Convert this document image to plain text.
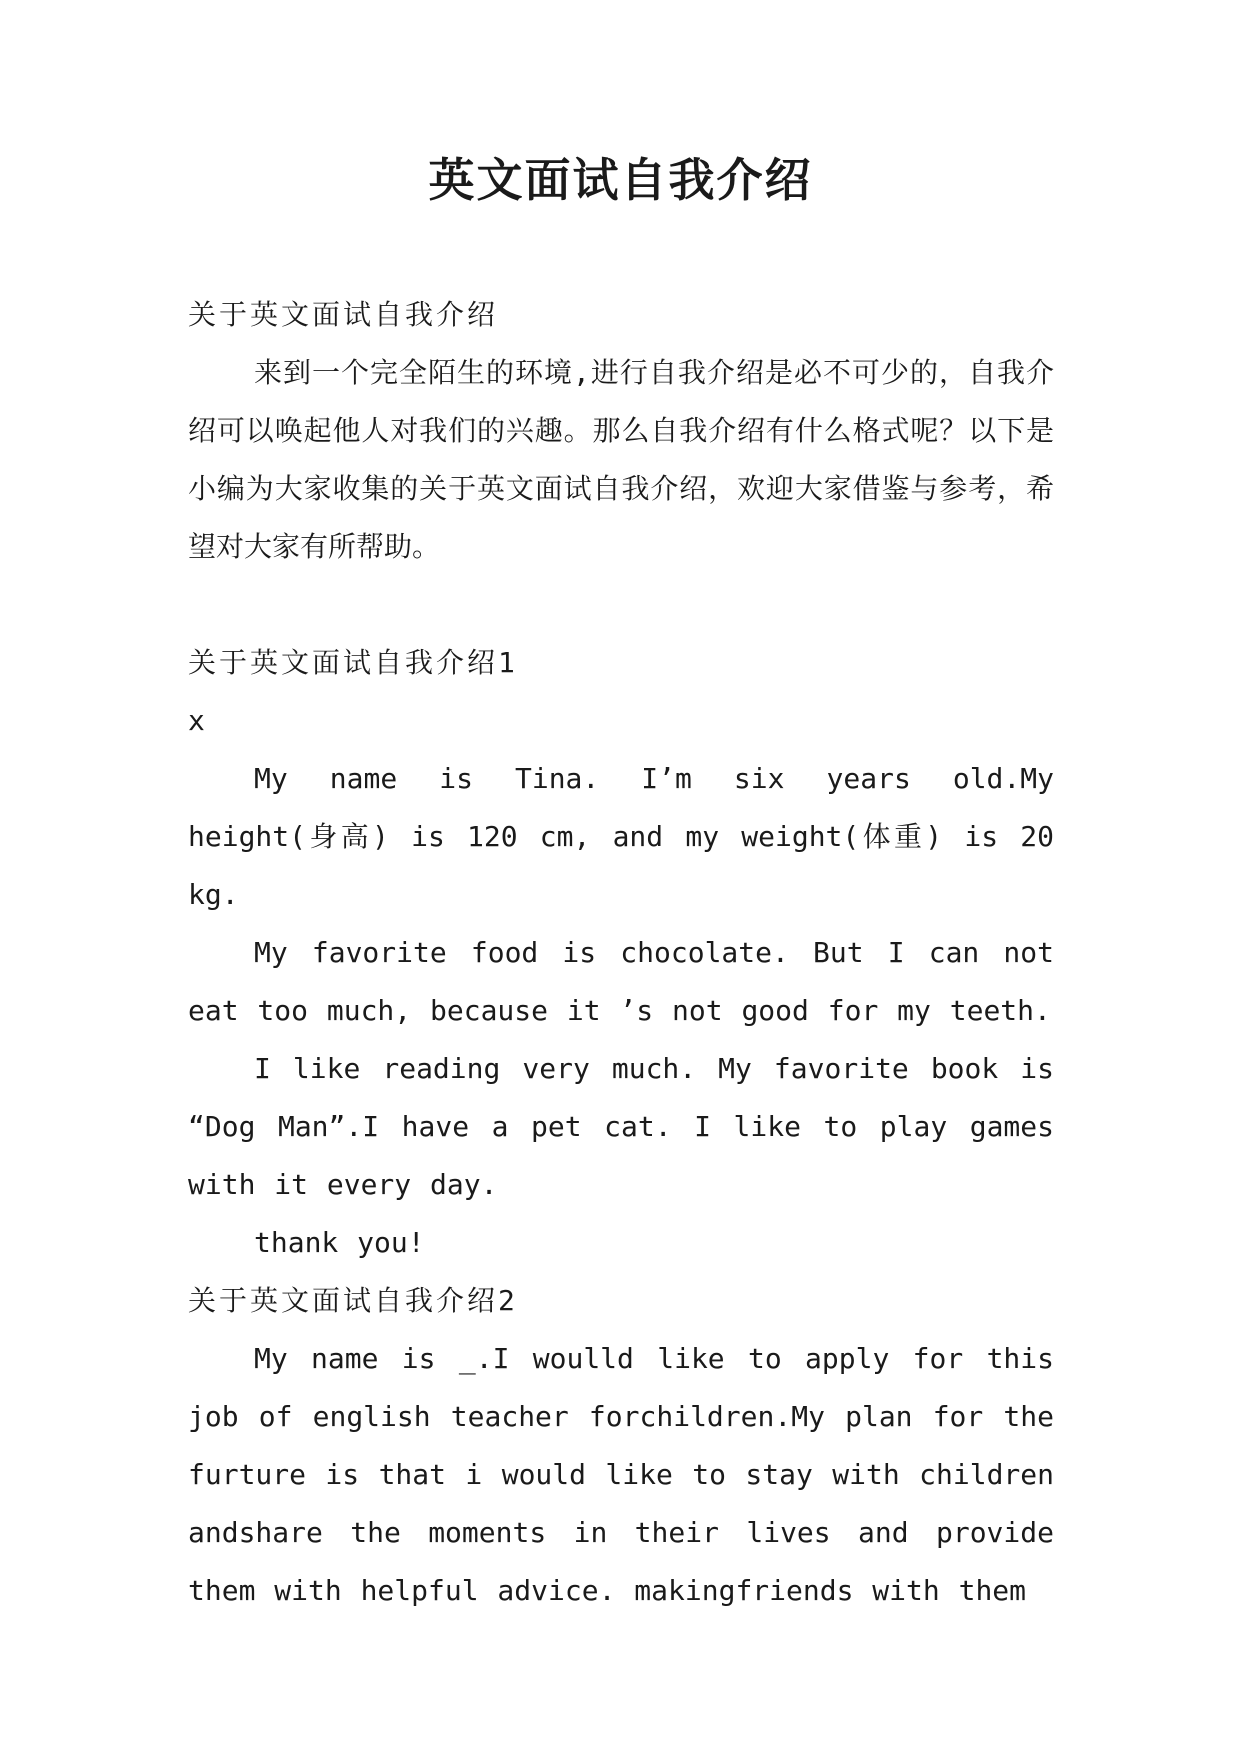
英文面试自我介绍

关于英文面试自我介绍

来到一个完全陌生的环境,进行自我介绍是必不可少的，自我介绍可以唤起他人对我们的兴趣。那么自我介绍有什么格式呢？以下是小编为大家收集的关于英文面试自我介绍，欢迎大家借鉴与参考，希望对大家有所帮助。

关于英文面试自我介绍1

x

My name is Tina. I’m six years old.My height(身高) is 120 cm, and my weight(体重) is 20 kg.

My favorite food is chocolate. But I can not eat too much, because it ’s not good for my teeth.

I like reading very much. My favorite book is “Dog Man”.I have a pet cat. I like to play games with it every day.

thank you!

关于英文面试自我介绍2

My name is _.I woulld like to apply for this job of english teacher forchildren.My plan for the furture is that i would like to stay with children andshare the moments in their lives and provide them with helpful advice. makingfriends with them
